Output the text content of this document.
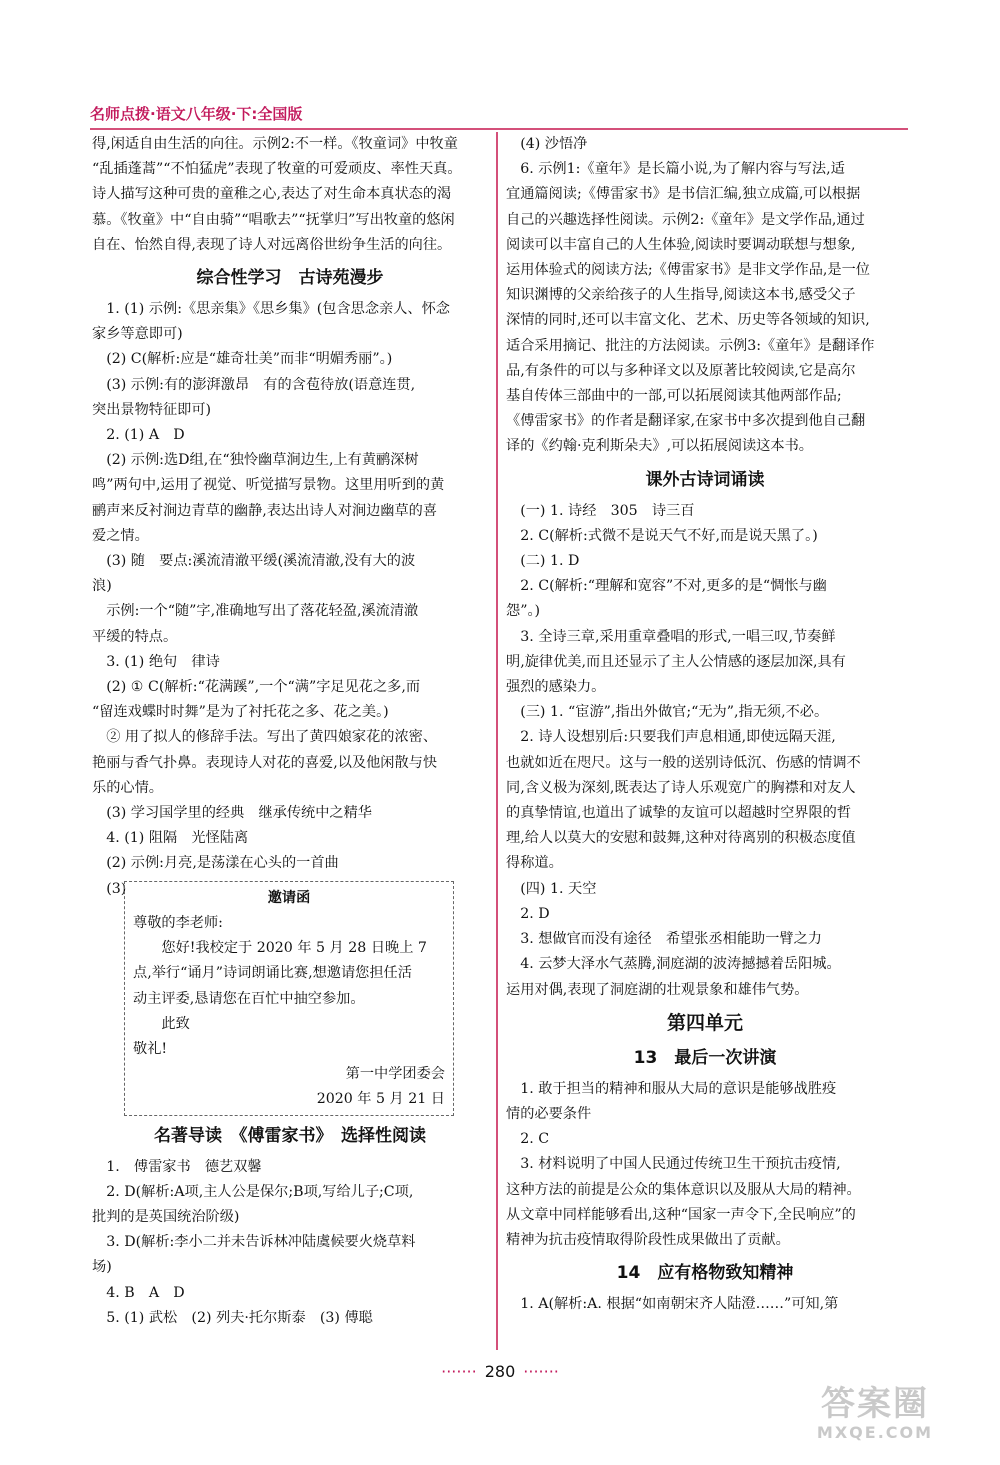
名师点拨·语文八年级·下:全国版
得,闲适自由生活的向往。示例2:不一样。《牧童词》中牧童
“乱插蓬蒿”“不怕猛虎”表现了牧童的可爱顽皮、率性天真。
诗人描写这种可贵的童稚之心,表达了对生命本真状态的渴
慕。《牧童》中“自由骑”“唱歌去”“抚掌归”写出牧童的悠闲
自在、怡然自得,表现了诗人对远离俗世纷争生活的向往。
综合性学习　古诗苑漫步
1. (1) 示例:《思亲集》《思乡集》(包含思念亲人、怀念
家乡等意即可)
(2) C(解析:应是“雄奇壮美”而非“明媚秀丽”。)
(3) 示例:有的澎湃激昂　有的含苞待放(语意连贯,
突出景物特征即可)
2. (1) A　D
(2) 示例:选D组,在“独怜幽草涧边生,上有黄鹂深树
鸣”两句中,运用了视觉、听觉描写景物。这里用听到的黄
鹂声来反衬涧边青草的幽静,表达出诗人对涧边幽草的喜
爱之情。
(3) 随　要点:溪流清澈平缓(溪流清澈,没有大的波
浪)
示例:一个“随”字,准确地写出了落花轻盈,溪流清澈
平缓的特点。
3. (1) 绝句　律诗
(2) ① C(解析:“花满蹊”,一个“满”字足见花之多,而
“留连戏蝶时时舞”是为了衬托花之多、花之美。)
② 用了拟人的修辞手法。写出了黄四娘家花的浓密、
艳丽与香气扑鼻。表现诗人对花的喜爱,以及他闲散与快
乐的心情。
(3) 学习国学里的经典　继承传统中之精华
4. (1) 阻隔　光怪陆离
(2) 示例:月亮,是荡漾在心头的一首曲
(3)
邀请函
尊敬的李老师:
　您好!我校定于 2020 年 5 月 28 日晚上 7
点,举行“诵月”诗词朗诵比赛,想邀请您担任活
动主评委,恳请您在百忙中抽空参加。
　此致
敬礼!
第一中学团委会
2020 年 5 月 21 日
名著导读　《傅雷家书》　选择性阅读
1.　傅雷家书　德艺双馨
2. D(解析:A项,主人公是保尔;B项,写给儿子;C项,
批判的是英国统治阶级)
3. D(解析:李小二并未告诉林冲陆虞候要火烧草料
场)
4. B　A　D
5. (1) 武松　(2) 列夫·托尔斯泰　(3) 傅聪
(4) 沙悟净
6. 示例1:《童年》是长篇小说,为了解内容与写法,适
宜通篇阅读;《傅雷家书》是书信汇编,独立成篇,可以根据
自己的兴趣选择性阅读。示例2:《童年》是文学作品,通过
阅读可以丰富自己的人生体验,阅读时要调动联想与想象,
运用体验式的阅读方法;《傅雷家书》是非文学作品,是一位
知识渊博的父亲给孩子的人生指导,阅读这本书,感受父子
深情的同时,还可以丰富文化、艺术、历史等各领域的知识,
适合采用摘记、批注的方法阅读。示例3:《童年》是翻译作
品,有条件的可以与多种译文以及原著比较阅读,它是高尔
基自传体三部曲中的一部,可以拓展阅读其他两部作品;
《傅雷家书》的作者是翻译家,在家书中多次提到他自己翻
译的《约翰·克利斯朵夫》,可以拓展阅读这本书。
课外古诗词诵读
(一) 1. 诗经　305　诗三百
2. C(解析:式微不是说天气不好,而是说天黑了。)
(二) 1. D
2. C(解析:“理解和宽容”不对,更多的是“惆怅与幽
怨”。)
3. 全诗三章,采用重章叠唱的形式,一唱三叹,节奏鲜
明,旋律优美,而且还显示了主人公情感的逐层加深,具有
强烈的感染力。
(三) 1. “宦游”,指出外做官;“无为”,指无须,不必。
2. 诗人设想别后:只要我们声息相通,即使远隔天涯,
也就如近在咫尺。这与一般的送别诗低沉、伤感的情调不
同,含义极为深刻,既表达了诗人乐观宽广的胸襟和对友人
的真挚情谊,也道出了诚挚的友谊可以超越时空界限的哲
理,给人以莫大的安慰和鼓舞,这种对待离别的积极态度值
得称道。
(四) 1. 天空
2. D
3. 想做官而没有途径　希望张丞相能助一臂之力
4. 云梦大泽水气蒸腾,洞庭湖的波涛撼撼着岳阳城。
运用对偶,表现了洞庭湖的壮观景象和雄伟气势。
第四单元
13　最后一次讲演
1. 敢于担当的精神和服从大局的意识是能够战胜疫
情的必要条件
2. C
3. 材料说明了中国人民通过传统卫生干预抗击疫情,
这种方法的前提是公众的集体意识以及服从大局的精神。
从文章中同样能够看出,这种“国家一声令下,全民响应”的
精神为抗击疫情取得阶段性成果做出了贡献。
14　应有格物致知精神
1. A(解析:A. 根据“如南朝宋齐人陆澄……”可知,第
······· 280 ·······
答案圈
MXQE.COM
